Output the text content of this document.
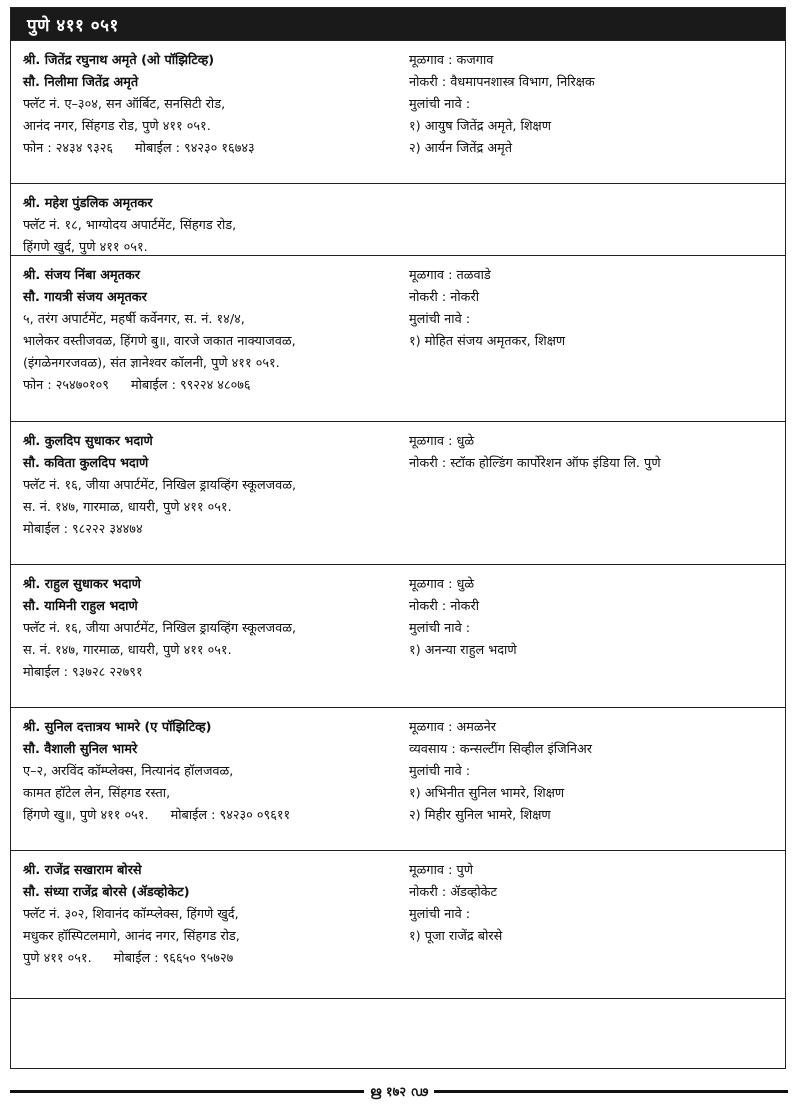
पुणे ४११ ०५१
श्री. जितेंद्र रघुनाथ अमृते (ओ पॉझिटिव्ह)
सौ. निलीमा जितेंद्र अमृते
फ्लॅट नं. ए–३०४, सन ऑर्बिट, सनसिटी रोड,
आनंद नगर, सिंहगड रोड, पुणे ४११ ०५१.
फोन : २४३४ ९३२६ मोबाईल : ९४२३० १६७४३
मूळगाव : कजगाव
नोकरी : वैधमापनशास्त्र विभाग, निरिक्षक
मुलांची नावे :
१) आयुष जितेंद्र अमृते, शिक्षण
२) आर्यन जितेंद्र अमृते
श्री. महेश पुंडलिक अमृतकर
फ्लॅट नं. १८, भाग्योदय अपार्टमेंट, सिंहगड रोड,
हिंगणे खुर्द, पुणे ४११ ०५१.
श्री. संजय निंबा अमृतकर
सौ. गायत्री संजय अमृतकर
५, तरंग अपार्टमेंट, महर्षी कर्वेनगर, स. नं. १४/४,
भालेकर वस्तीजवळ, हिंगणे बु॥, वारजे जकात नाक्याजवळ,
(इंगळेनगरजवळ), संत ज्ञानेश्वर कॉलनी, पुणे ४११ ०५१.
फोन : २५४७०१०९ मोबाईल : ९९२२४ ४८०७६
मूळगाव : तळवाडे
नोकरी : नोकरी
मुलांची नावे :
१) मोहित संजय अमृतकर, शिक्षण
श्री. कुलदिप सुधाकर भदाणे
सौ. कविता कुलदिप भदाणे
फ्लॅट नं. १६, जीया अपार्टमेंट, निखिल ड्रायव्हिंग स्कूलजवळ,
स. नं. १४७, गारमाळ, धायरी, पुणे ४११ ०५१.
मोबाईल : ९८२२२ ३४४७४
मूळगाव : धुळे
नोकरी : स्टॉक होल्डिंग कार्पोरेशन ऑफ इंडिया लि. पुणे
श्री. राहुल सुधाकर भदाणे
सौ. यामिनी राहुल भदाणे
फ्लॅट नं. १६, जीया अपार्टमेंट, निखिल ड्रायव्हिंग स्कूलजवळ,
स. नं. १४७, गारमाळ, धायरी, पुणे ४११ ०५१.
मोबाईल : ९३७२८ २२७९१
मूळगाव : धुळे
नोकरी : नोकरी
मुलांची नावे :
१) अनन्या राहुल भदाणे
श्री. सुनिल दत्तात्रय भामरे (ए पॉझिटिव्ह)
सौ. वैशाली सुनिल भामरे
ए–२, अरविंद कॉम्प्लेक्स, नित्यानंद हॉलजवळ,
कामत हॉटेल लेन, सिंहगड रस्ता,
हिंगणे खु॥, पुणे ४११ ०५१. मोबाईल : ९४२३० ०९६११
मूळगाव : अमळनेर
व्यवसाय : कन्सल्टींग सिव्हील इंजिनिअर
मुलांची नावे :
१) अभिनीत सुनिल भामरे, शिक्षण
२) मिहीर सुनिल भामरे, शिक्षण
श्री. राजेंद्र सखाराम बोरसे
सौ. संध्या राजेंद्र बोरसे (ॲडव्होकेट)
फ्लॅट नं. ३०२, शिवानंद कॉम्प्लेक्स, हिंगणे खुर्द,
मधुकर हॉस्पिटलमागे, आनंद नगर, सिंहगड रोड,
पुणे ४११ ०५१. मोबाईल : ९६६५० ९५७२७
मूळगाव : पुणे
नोकरी : ॲडव्होकेट
मुलांची नावे :
१) पूजा राजेंद्र बोरसे
ഋ १७२ ഢ
